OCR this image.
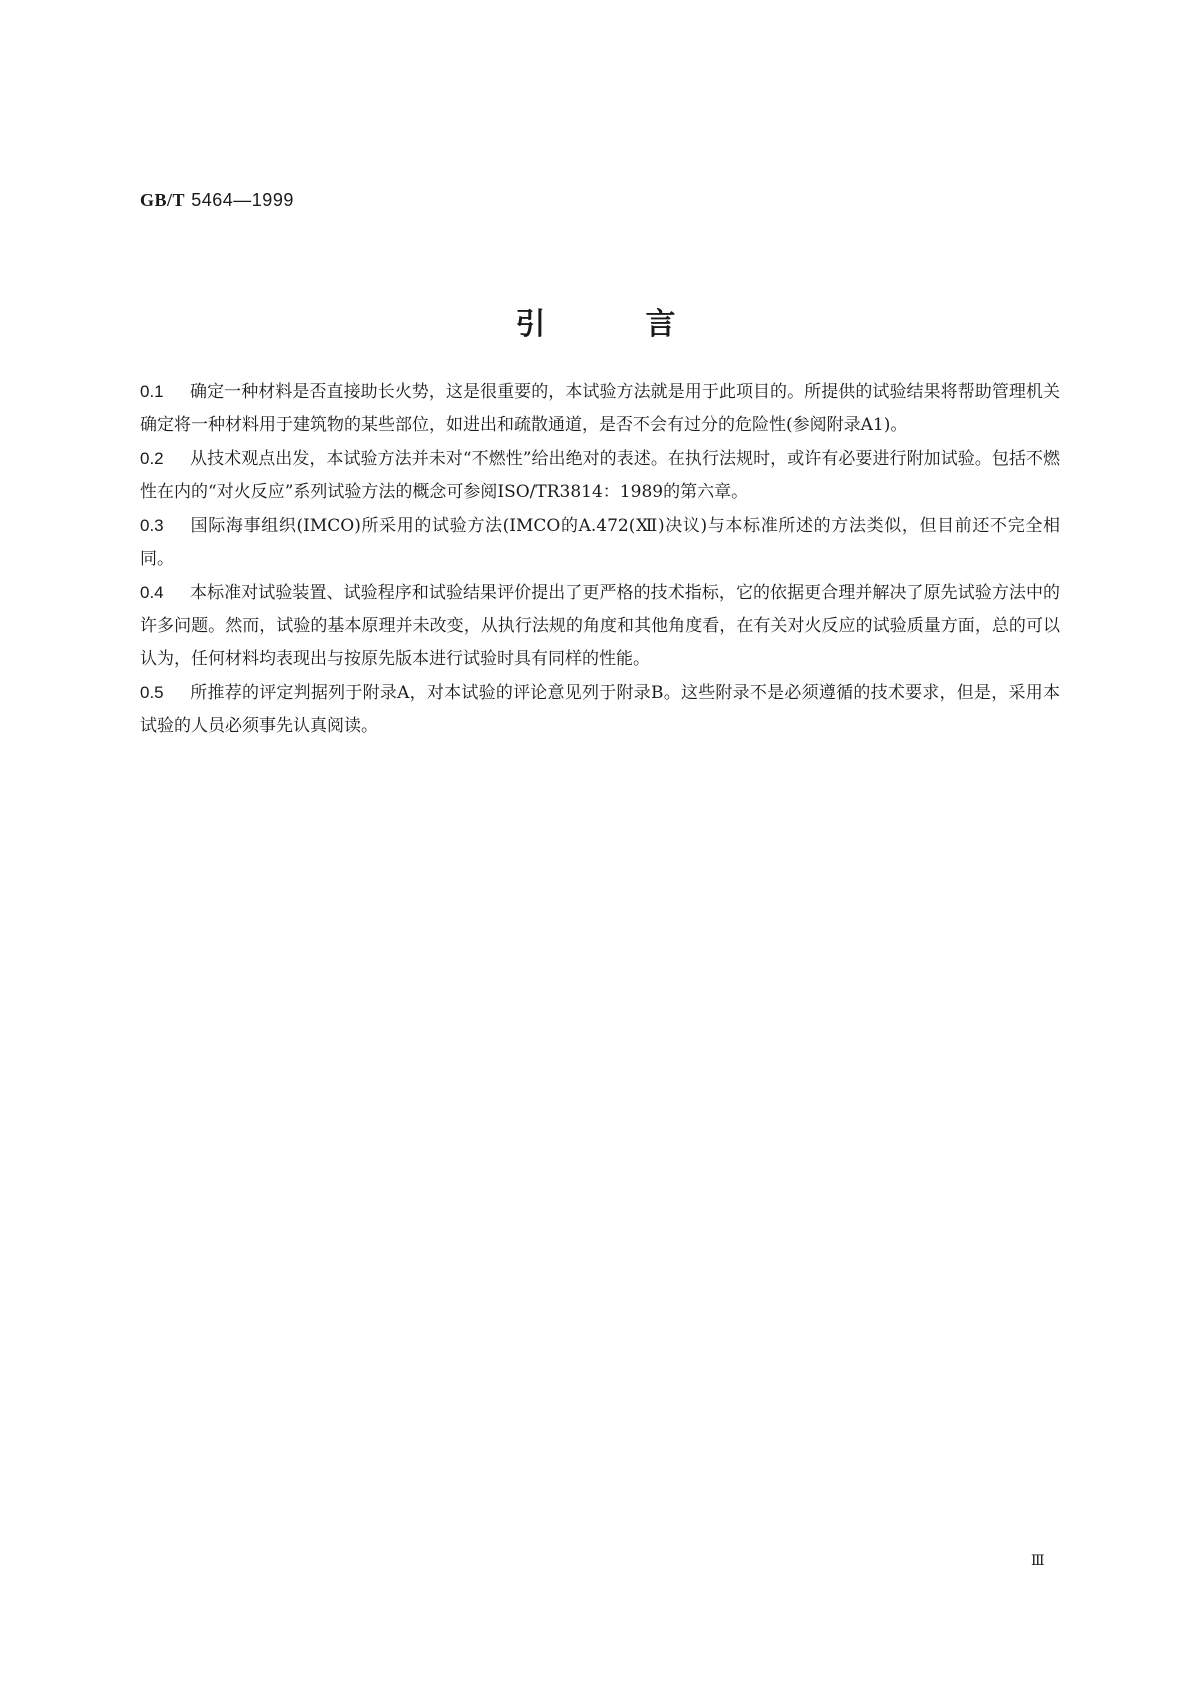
GB/T 5464—1999
引言

0.1 确定一种材料是否直接助长火势，这是很重要的，本试验方法就是用于此项目的。所提供的试验结果将帮助管理机关确定将一种材料用于建筑物的某些部位，如进出和疏散通道，是否不会有过分的危险性(参阅附录A1)。

0.2 从技术观点出发，本试验方法并未对“不燃性”给出绝对的表述。在执行法规时，或许有必要进行附加试验。包括不燃性在内的“对火反应”系列试验方法的概念可参阅ISO/TR3814：1989的第六章。

0.3 国际海事组织(IMCO)所采用的试验方法(IMCO的A.472(Ⅻ)决议)与本标准所述的方法类似，但目前还不完全相同。

0.4 本标准对试验装置、试验程序和试验结果评价提出了更严格的技术指标，它的依据更合理并解决了原先试验方法中的许多问题。然而，试验的基本原理并未改变，从执行法规的角度和其他角度看，在有关对火反应的试验质量方面，总的可以认为，任何材料均表现出与按原先版本进行试验时具有同样的性能。

0.5 所推荐的评定判据列于附录A，对本试验的评论意见列于附录B。这些附录不是必须遵循的技术要求，但是，采用本试验的人员必须事先认真阅读。

Ⅲ
